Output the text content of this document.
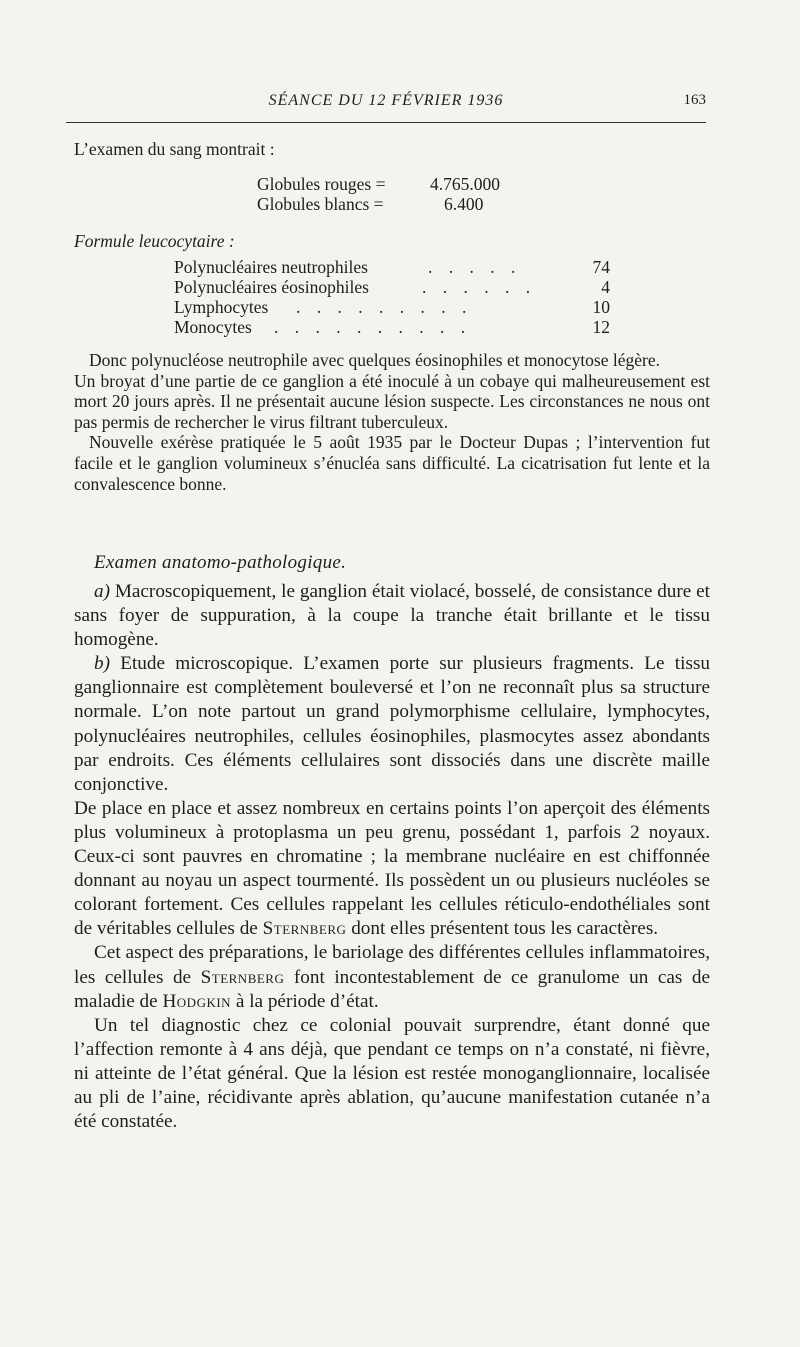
SÉANCE DU 12 FÉVRIER 1936	163
L’examen du sang montrait :
Globules rouges =	4.765.000
Globules blancs =	6.400
Formule leucocytaire :
Polynucléaires neutrophiles	. . . . .	74
Polynucléaires éosinophiles	. . . . . .	4
Lymphocytes . . . . . . . . .	10
Monocytes . . . . . . . . . .	12

Donc polynucléose neutrophile avec quelques éosinophiles et monocytose légère.

Un broyat d’une partie de ce ganglion a été inoculé à un cobaye qui malheureusement est mort 20 jours après. Il ne présentait aucune lésion suspecte. Les circonstances ne nous ont pas permis de rechercher le virus filtrant tuberculeux.

Nouvelle exérèse pratiquée le 5 août 1935 par le Docteur Dupas ; l’intervention fut facile et le ganglion volumineux s’énucléa sans difficulté. La cicatrisation fut lente et la convalescence bonne.

Examen anatomo-pathologique.

a) Macroscopiquement, le ganglion était violacé, bosselé, de consistance dure et sans foyer de suppuration, à la coupe la tranche était brillante et le tissu homogène.

b) Etude microscopique. L’examen porte sur plusieurs fragments. Le tissu ganglionnaire est complètement bouleversé et l’on ne reconnaît plus sa structure normale. L’on note partout un grand polymorphisme cellulaire, lymphocytes, polynucléaires neutrophiles, cellules éosinophiles, plasmocytes assez abondants par endroits. Ces éléments cellulaires sont dissociés dans une discrète maille conjonctive.

De place en place et assez nombreux en certains points l’on aperçoit des éléments plus volumineux à protoplasma un peu grenu, possédant 1, parfois 2 noyaux. Ceux-ci sont pauvres en chromatine ; la membrane nucléaire en est chiffonnée donnant au noyau un aspect tourmenté. Ils possèdent un ou plusieurs nucléoles se colorant fortement. Ces cellules rappelant les cellules réticulo-endothéliales sont de véritables cellules de Sternberg dont elles présentent tous les caractères.

Cet aspect des préparations, le bariolage des différentes cellules inflammatoires, les cellules de Sternberg font incontestablement de ce granulome un cas de maladie de Hodgkin à la période d’état.

Un tel diagnostic chez ce colonial pouvait surprendre, étant donné que l’affection remonte à 4 ans déjà, que pendant ce temps on n’a constaté, ni fièvre, ni atteinte de l’état général. Que la lésion est restée monoganglionnaire, localisée au pli de l’aine, récidivante après ablation, qu’aucune manifestation cutanée n’a été constatée.
